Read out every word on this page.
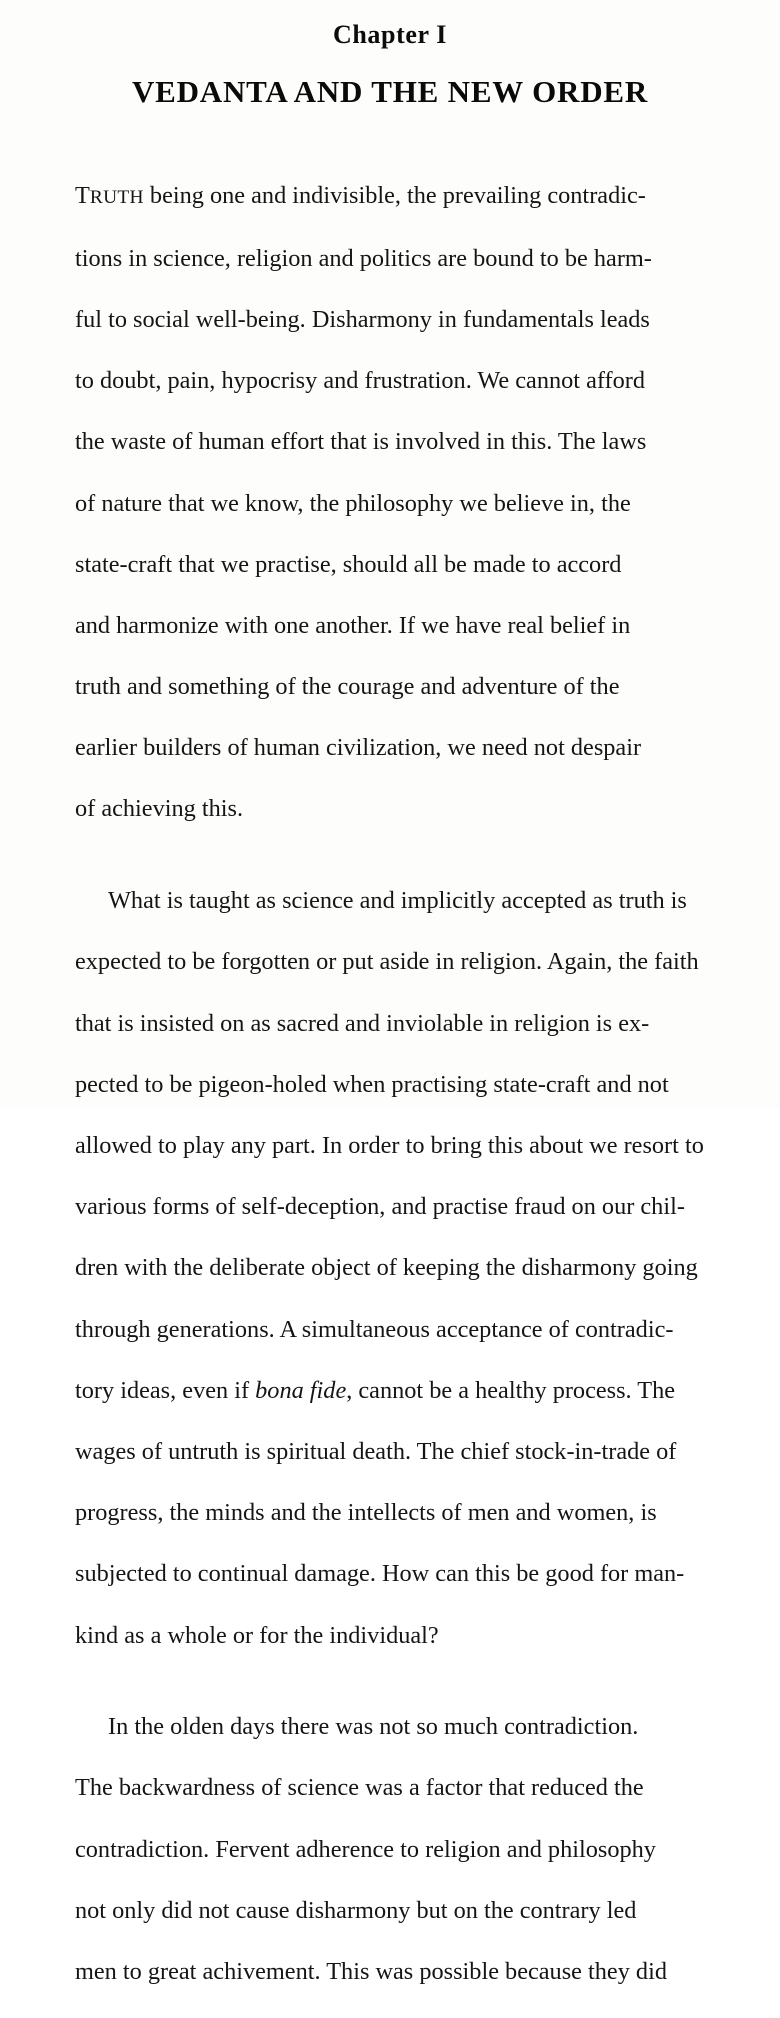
Chapter I
VEDANTA AND THE NEW ORDER

TRUTH being one and indivisible, the prevailing contradic-

tions in science, religion and politics are bound to be harm-

ful to social well-being. Disharmony in fundamentals leads

to doubt, pain, hypocrisy and frustration. We cannot afford

the waste of human effort that is involved in this. The laws

of nature that we know, the philosophy we believe in, the

state-craft that we practise, should all be made to accord

and harmonize with one another. If we have real belief in

truth and something of the courage and adventure of the

earlier builders of human civilization, we need not despair

of achieving this.

What is taught as science and implicitly accepted as truth is

expected to be forgotten or put aside in religion. Again, the faith

that is insisted on as sacred and inviolable in religion is ex-

pected to be pigeon-holed when practising state-craft and not

allowed to play any part. In order to bring this about we resort to

various forms of self-deception, and practise fraud on our chil-

dren with the deliberate object of keeping the disharmony going

through generations. A simultaneous acceptance of contradic-

tory ideas, even if bona fide, cannot be a healthy process. The

wages of untruth is spiritual death. The chief stock-in-trade of

progress, the minds and the intellects of men and women, is

subjected to continual damage. How can this be good for man-

kind as a whole or for the individual?

In the olden days there was not so much contradiction.

The backwardness of science was a factor that reduced the

contradiction. Fervent adherence to religion and philosophy

not only did not cause disharmony but on the contrary led

men to great achivement. This was possible because they did
